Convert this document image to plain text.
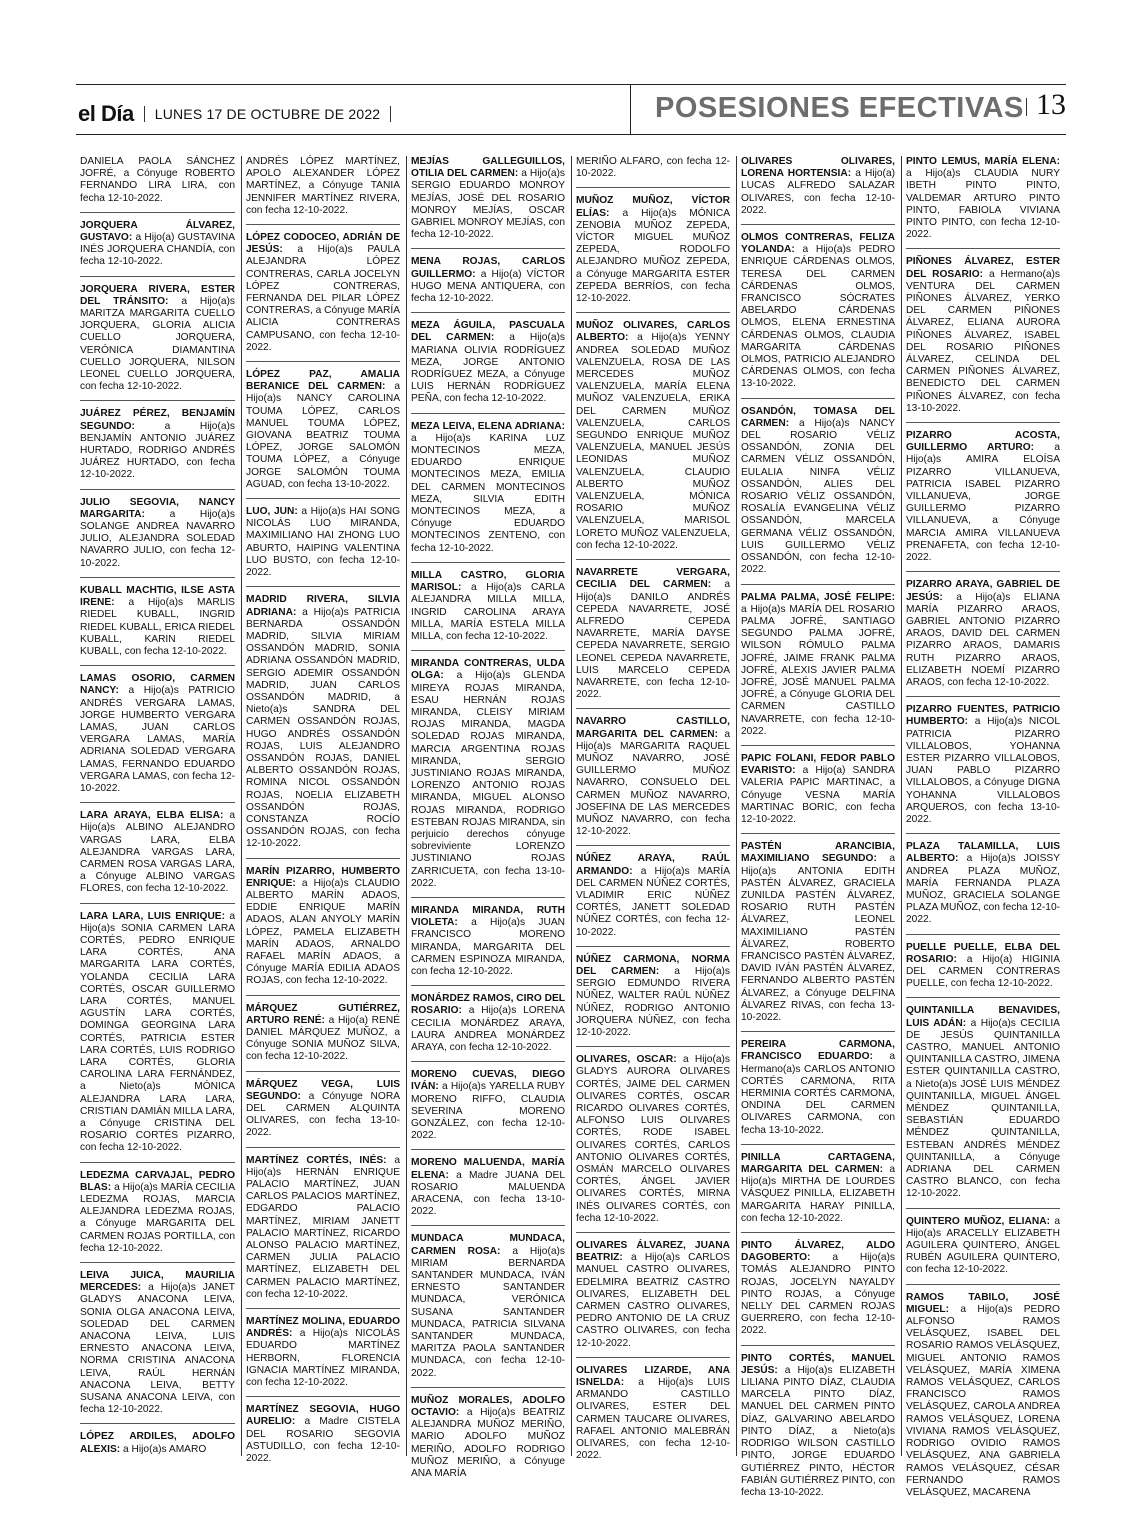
el Día LUNES 17 DE OCTUBRE DE 2022	POSESIONES EFECTIVAS 13
DANIELA PAOLA SÁNCHEZ JOFRÉ, a Cónyuge ROBERTO FERNANDO LIRA LIRA, con fecha 12-10-2022.
JORQUERA ÁLVAREZ, GUSTAVO: a Hijo(a) GUSTAVINA INÉS JORQUERA CHANDÍA, con fecha 12-10-2022.
JORQUERA RIVERA, ESTER DEL TRÁNSITO: a Hijo(a)s MARITZA MARGARITA CUELLO JORQUERA, GLORIA ALICIA CUELLO JORQUERA, VERÓNICA DIAMANTINA CUELLO JORQUERA, NILSON LEONEL CUELLO JORQUERA, con fecha 12-10-2022.
JUÁREZ PÉREZ, BENJAMÍN SEGUNDO:	a Hijo(a)s BENJAMÍN ANTONIO JUÁREZ HURTADO, RODRIGO ANDRÉS JUÁREZ HURTADO, con fecha 12-10-2022.
JULIO SEGOVIA, NANCY MARGARITA: a Hijo(a)s SOLANGE ANDREA NAVARRO JULIO, ALEJANDRA SOLEDAD NAVARRO JULIO, con fecha 12-10-2022.
KUBALL MACHTIG, ILSE ASTA IRENE: a Hijo(a)s MARLIS RIEDEL KUBALL, INGRID RIEDEL KUBALL, ERICA RIEDEL KUBALL, KARIN RIEDEL KUBALL, con fecha 12-10-2022.
LAMAS OSORIO, CARMEN NANCY: a Hijo(a)s PATRICIO ANDRÉS VERGARA LAMAS, JORGE HUMBERTO VERGARA LAMAS, JUAN CARLOS VERGARA LAMAS, MARÍA ADRIANA SOLEDAD VERGARA LAMAS, FERNANDO EDUARDO VERGARA LAMAS, con fecha 12-10-2022.
LARA ARAYA, ELBA ELISA: a Hijo(a)s ALBINO ALEJANDRO VARGAS LARA, ELBA ALEJANDRA VARGAS LARA, CARMEN ROSA VARGAS LARA, a Cónyuge ALBINO VARGAS FLORES, con fecha 12-10-2022.
LARA LARA, LUIS ENRIQUE: a Hijo(a)s SONIA CARMEN LARA CORTÉS, PEDRO ENRIQUE LARA CORTÉS, ANA MARGARITA LARA CORTÉS, YOLANDA CECILIA LARA CORTÉS, OSCAR GUILLERMO LARA CORTÉS, MANUEL AGUSTÍN LARA CORTÉS, DOMINGA GEORGINA LARA CORTÉS, PATRICIA ESTER LARA CORTÉS, LUIS RODRIGO LARA CORTÉS, GLORIA CAROLINA LARA FERNÁNDEZ, a Nieto(a)s MÓNICA ALEJANDRA LARA LARA, CRISTIAN DAMIÁN MILLA LARA, a Cónyuge CRISTINA DEL ROSARIO CORTÉS PIZARRO, con fecha 12-10-2022.
LEDEZMA CARVAJAL, PEDRO BLAS: a Hijo(a)s MARÍA CECILIA LEDEZMA ROJAS, MARCIA ALEJANDRA LEDEZMA ROJAS, a Cónyuge MARGARITA DEL CARMEN ROJAS PORTILLA, con fecha 12-10-2022.
LEIVA JUICA, MAURILIA MERCEDES: a Hijo(a)s JANET GLADYS ANACONA LEIVA, SONIA OLGA ANACONA LEIVA, SOLEDAD DEL CARMEN ANACONA LEIVA, LUIS ERNESTO ANACONA LEIVA, NORMA CRISTINA ANACONA LEIVA, RAÚL HERNÁN ANACONA LEIVA, BETTY SUSANA ANACONA LEIVA, con fecha 12-10-2022.
LÓPEZ ARDILES, ADOLFO ALEXIS: a Hijo(a)s AMARO
ANDRÉS LÓPEZ MARTÍNEZ, APOLO ALEXANDER LÓPEZ MARTÍNEZ, a Cónyuge TANIA JENNIFER MARTÍNEZ RIVERA, con fecha 12-10-2022.
LÓPEZ CODOCEO, ADRIÁN DE JESÚS: a Hijo(a)s PAULA ALEJANDRA LÓPEZ CONTRERAS, CARLA JOCELYN LÓPEZ CONTRERAS, FERNANDA DEL PILAR LÓPEZ CONTRERAS, a Cónyuge MARÍA ALICIA CONTRERAS CAMPUSANO, con fecha 12-10-2022.
LÓPEZ PAZ, AMALIA BERANICE DEL CARMEN: a Hijo(a)s NANCY CAROLINA TOUMA LÓPEZ, CARLOS MANUEL TOUMA LÓPEZ, GIOVANA BEATRIZ TOUMA LÓPEZ, JORGE SALOMÓN TOUMA LÓPEZ, a Cónyuge JORGE SALOMÓN TOUMA AGUAD, con fecha 13-10-2022.
LUO, JUN: a Hijo(a)s HAI SONG NICOLÁS LUO MIRANDA, MAXIMILIANO HAI ZHONG LUO ABURTO, HAIPING VALENTINA LUO BUSTO, con fecha 12-10-2022.
MADRID RIVERA, SILVIA ADRIANA: a Hijo(a)s PATRICIA BERNARDA OSSANDÓN MADRID, SILVIA MIRIAM OSSANDÓN MADRID, SONIA ADRIANA OSSANDÓN MADRID, SERGIO ADEMIR OSSANDÓN MADRID, JUAN CARLOS OSSANDÓN MADRID, a Nieto(a)s SANDRA DEL CARMEN OSSANDÓN ROJAS, HUGO ANDRÉS OSSANDÓN ROJAS, LUIS ALEJANDRO OSSANDÓN ROJAS, DANIEL ALBERTO OSSANDÓN ROJAS, ROMINA NICOL OSSANDÓN ROJAS, NOELIA ELIZABETH OSSANDÓN ROJAS, CONSTANZA ROCÍO OSSANDÓN ROJAS, con fecha 12-10-2022.
MARÍN PIZARRO, HUMBERTO ENRIQUE: a Hijo(a)s CLAUDIO ALBERTO MARÍN ADAOS, EDDIE ENRIQUE MARÍN ADAOS, ALAN ANYOLY MARÍN LÓPEZ, PAMELA ELIZABETH MARÍN ADAOS, ARNALDO RAFAEL MARÍN ADAOS, a Cónyuge MARÍA EDILIA ADAOS ROJAS, con fecha 12-10-2022.
MÁRQUEZ GUTIÉRREZ, ARTURO RENÉ: a Hijo(a) RENÉ DANIEL MÁRQUEZ MUÑOZ, a Cónyuge SONIA MUÑOZ SILVA, con fecha 12-10-2022.
MÁRQUEZ VEGA, LUIS SEGUNDO: a Cónyuge NORA DEL CARMEN ALQUINTA OLIVARES, con fecha 13-10-2022.
MARTÍNEZ CORTÉS, INÉS: a Hijo(a)s HERNÁN ENRIQUE PALACIO MARTÍNEZ, JUAN CARLOS PALACIOS MARTÍNEZ, EDGARDO PALACIO MARTÍNEZ, MIRIAM JANETT PALACIO MARTÍNEZ, RICARDO ALONSO PALACIO MARTÍNEZ, CARMEN JULIA PALACIO MARTÍNEZ, ELIZABETH DEL CARMEN PALACIO MARTÍNEZ, con fecha 12-10-2022.
MARTÍNEZ MOLINA, EDUARDO ANDRÉS: a Hijo(a)s NICOLÁS EDUARDO MARTÍNEZ HERBORN, FLORENCIA IGNACIA MARTÍNEZ MIRANDA, con fecha 12-10-2022.
MARTÍNEZ SEGOVIA, HUGO AURELIO: a Madre CISTELA DEL ROSARIO SEGOVIA ASTUDILLO, con fecha 12-10-2022.
MEJÍAS GALLEGUILLOS, OTILIA DEL CARMEN: a Hijo(a)s SERGIO EDUARDO MONROY MEJÍAS, JOSÉ DEL ROSARIO MONROY MEJÍAS, OSCAR GABRIEL MONROY MEJÍAS, con fecha 12-10-2022.
MENA ROJAS, CARLOS GUILLERMO: a Hijo(a) VÍCTOR HUGO MENA ANTIQUERA, con fecha 12-10-2022.
MEZA ÁGUILA, PASCUALA DEL CARMEN: a Hijo(a)s MARIANA OLIVIA RODRÍGUEZ MEZA, JORGE ANTONIO RODRÍGUEZ MEZA, a Cónyuge LUIS HERNÁN RODRÍGUEZ PEÑA, con fecha 12-10-2022.
MEZA LEIVA, ELENA ADRIANA: a Hijo(a)s KARINA LUZ MONTECINOS MEZA, EDUARDO ENRIQUE MONTECINOS MEZA, EMILIA DEL CARMEN MONTECINOS MEZA, SILVIA EDITH MONTECINOS MEZA, a Cónyuge EDUARDO MONTECINOS ZENTENO, con fecha 12-10-2022.
MILLA CASTRO, GLORIA MARISOL: a Hijo(a)s CARLA ALEJANDRA MILLA MILLA, INGRID CAROLINA ARAYA MILLA, MARÍA ESTELA MILLA MILLA, con fecha 12-10-2022.
MIRANDA CONTRERAS, ULDA OLGA: a Hijo(a)s GLENDA MIREYA ROJAS MIRANDA, ESAU HERNÁN ROJAS MIRANDA, CLEISY MIRIAM ROJAS MIRANDA, MAGDA SOLEDAD ROJAS MIRANDA, MARCIA ARGENTINA ROJAS MIRANDA, SERGIO JUSTINIANO ROJAS MIRANDA, LORENZO ANTONIO ROJAS MIRANDA, MIGUEL ALONSO ROJAS MIRANDA, RODRIGO ESTEBAN ROJAS MIRANDA, sin perjuicio derechos cónyuge sobreviviente LORENZO JUSTINIANO ROJAS ZARRICUETA, con fecha 13-10-2022.
MIRANDA MIRANDA, RUTH VIOLETA: a Hijo(a)s JUAN FRANCISCO MORENO MIRANDA, MARGARITA DEL CARMEN ESPINOZA MIRANDA, con fecha 12-10-2022.
MONÁRDEZ RAMOS, CIRO DEL ROSARIO: a Hijo(a)s LORENA CECILIA MONÁRDEZ ARAYA, LAURA ANDREA MONÁRDEZ ARAYA, con fecha 12-10-2022.
MORENO CUEVAS, DIEGO IVÁN: a Hijo(a)s YARELLA RUBY MORENO RIFFO, CLAUDIA SEVERINA MORENO GONZÁLEZ, con fecha 12-10-2022.
MORENO MALUENDA, MARÍA ELENA: a Madre JUANA DEL ROSARIO MALUENDA ARACENA, con fecha 13-10-2022.
MUNDACA MUNDACA, CARMEN ROSA: a Hijo(a)s MIRIAM BERNARDA SANTANDER MUNDACA, IVÁN ERNESTO SANTANDER MUNDACA, VERÓNICA SUSANA SANTANDER MUNDACA, PATRICIA SILVANA SANTANDER MUNDACA, MARITZA PAOLA SANTANDER MUNDACA, con fecha 12-10-2022.
MUÑOZ MORALES, ADOLFO OCTAVIO: a Hijo(a)s BEATRIZ ALEJANDRA MUÑOZ MERIÑO, MARIO ADOLFO MUÑOZ MERIÑO, ADOLFO RODRIGO MUÑOZ MERIÑO, a Cónyuge ANA MARÍA
MERIÑO ALFARO, con fecha 12-10-2022.
MUÑOZ MUÑOZ, VÍCTOR ELÍAS: a Hijo(a)s MÓNICA ZENOBIA MUÑOZ ZEPEDA, VÍCTOR MIGUEL MUÑOZ ZEPEDA, RODOLFO ALEJANDRO MUÑOZ ZEPEDA, a Cónyuge MARGARITA ESTER ZEPEDA BERRÍOS, con fecha 12-10-2022.
MUÑOZ OLIVARES, CARLOS ALBERTO: a Hijo(a)s YENNY ANDREA SOLEDAD MUÑOZ VALENZUELA, ROSA DE LAS MERCEDES MUÑOZ VALENZUELA, MARÍA ELENA MUÑOZ VALENZUELA, ERIKA DEL CARMEN MUÑOZ VALENZUELA, CARLOS SEGUNDO ENRIQUE MUÑOZ VALENZUELA, MANUEL JESÚS LEONIDAS MUÑOZ VALENZUELA, CLAUDIO ALBERTO MUÑOZ VALENZUELA, MÓNICA ROSARIO MUÑOZ VALENZUELA, MARISOL LORETO MUÑOZ VALENZUELA, con fecha 12-10-2022.
NAVARRETE VERGARA, CECILIA DEL CARMEN: a Hijo(a)s DANILO ANDRÉS CEPEDA NAVARRETE, JOSÉ ALFREDO CEPEDA NAVARRETE, MARÍA DAYSE CEPEDA NAVARRETE, SERGIO LEONEL CEPEDA NAVARRETE, LUIS MARCELO CEPEDA NAVARRETE, con fecha 12-10-2022.
NAVARRO CASTILLO, MARGARITA DEL CARMEN: a Hijo(a)s MARGARITA RAQUEL MUÑOZ NAVARRO, JOSÉ GUILLERMO MUÑOZ NAVARRO, CONSUELO DEL CARMEN MUÑOZ NAVARRO, JOSEFINA DE LAS MERCEDES MUÑOZ NAVARRO, con fecha 12-10-2022.
NÚÑEZ ARAYA, RAÚL ARMANDO: a Hijo(a)s MARÍA DEL CARMEN NÚÑEZ CORTÉS, VLADIMIR ERIC NÚÑEZ CORTÉS, JANETT SOLEDAD NÚÑEZ CORTÉS, con fecha 12-10-2022.
NÚÑEZ CARMONA, NORMA DEL CARMEN: a Hijo(a)s SERGIO EDMUNDO RIVERA NÚÑEZ, WALTER RAÚL NÚÑEZ NÚÑEZ, RODRIGO ANTONIO JORQUERA NÚÑEZ, con fecha 12-10-2022.
OLIVARES, OSCAR: a Hijo(a)s GLADYS AURORA OLIVARES CORTÉS, JAIME DEL CARMEN OLIVARES CORTÉS, OSCAR RICARDO OLIVARES CORTÉS, ALFONSO LUIS OLIVARES CORTÉS, RODE ISABEL OLIVARES CORTÉS, CARLOS ANTONIO OLIVARES CORTÉS, OSMÁN MARCELO OLIVARES CORTÉS, ÁNGEL JAVIER OLIVARES CORTÉS, MIRNA INÉS OLIVARES CORTÉS, con fecha 12-10-2022.
OLIVARES ÁLVAREZ, JUANA BEATRIZ: a Hijo(a)s CARLOS MANUEL CASTRO OLIVARES, EDELMIRA BEATRIZ CASTRO OLIVARES, ELIZABETH DEL CARMEN CASTRO OLIVARES, PEDRO ANTONIO DE LA CRUZ CASTRO OLIVARES, con fecha 12-10-2022.
OLIVARES LIZARDE, ANA ISNELDA: a Hijo(a)s LUIS ARMANDO CASTILLO OLIVARES, ESTER DEL CARMEN TAUCARE OLIVARES, RAFAEL ANTONIO MALEBRÁN OLIVARES, con fecha 12-10-2022.
OLIVARES OLIVARES, LORENA HORTENSIA: a Hijo(a) LUCAS ALFREDO SALAZAR OLIVARES, con fecha 12-10-2022.
OLMOS CONTRERAS, FELIZA YOLANDA: a Hijo(a)s PEDRO ENRIQUE CÁRDENAS OLMOS, TERESA DEL CARMEN CÁRDENAS OLMOS, FRANCISCO SÓCRATES ABELARDO CÁRDENAS OLMOS, ELENA ERNESTINA CÁRDENAS OLMOS, CLAUDIA MARGARITA CÁRDENAS OLMOS, PATRICIO ALEJANDRO CÁRDENAS OLMOS, con fecha 13-10-2022.
OSANDÓN, TOMASA DEL CARMEN: a Hijo(a)s NANCY DEL ROSARIO VÉLIZ OSSANDÓN, ZONIA DEL CARMEN VÉLIZ OSSANDÓN, EULALIA NINFA VÉLIZ OSSANDÓN, ALIES DEL ROSARIO VÉLIZ OSSANDÓN, ROSALÍA EVANGELINA VÉLIZ OSSANDÓN, MARCELA GERMANA VÉLIZ OSSANDÓN, LUIS GUILLERMO VÉLIZ OSSANDÓN, con fecha 12-10-2022.
PALMA PALMA, JOSÉ FELIPE: a Hijo(a)s MARÍA DEL ROSARIO PALMA JOFRÉ, SANTIAGO SEGUNDO PALMA JOFRÉ, WILSON RÓMULO PALMA JOFRÉ, JAIME FRANK PALMA JOFRÉ, ALEXIS JAVIER PALMA JOFRÉ, JOSÉ MANUEL PALMA JOFRÉ, a Cónyuge GLORIA DEL CARMEN CASTILLO NAVARRETE, con fecha 12-10-2022.
PAPIC FOLANI, FEDOR PABLO EVARISTO: a Hijo(a) SANDRA VALERIA PAPIC MARTINAC, a Cónyuge VESNA MARÍA MARTINAC BORIC, con fecha 12-10-2022.
PASTÉN ARANCIBIA, MAXIMILIANO SEGUNDO: a Hijo(a)s ANTONIA EDITH PASTÉN ÁLVAREZ, GRACIELA ZUNILDA PASTÉN ÁLVAREZ, ROSARIO RUTH PASTÉN ÁLVAREZ, LEONEL MAXIMILIANO PASTÉN ÁLVAREZ, ROBERTO FRANCISCO PASTÉN ÁLVAREZ, DAVID IVÁN PASTÉN ÁLVAREZ, FERNANDO ALBERTO PASTÉN ÁLVAREZ, a Cónyuge DELFINA ÁLVAREZ RIVAS, con fecha 13-10-2022.
PEREIRA CARMONA, FRANCISCO EDUARDO: a Hermano(a)s CARLOS ANTONIO CORTÉS CARMONA, RITA HERMINIA CORTÉS CARMONA, ONDINA DEL CARMEN OLIVARES CARMONA, con fecha 13-10-2022.
PINILLA CARTAGENA, MARGARITA DEL CARMEN: a Hijo(a)s MIRTHA DE LOURDES VÁSQUEZ PINILLA, ELIZABETH MARGARITA HARAY PINILLA, con fecha 12-10-2022.
PINTO ÁLVAREZ, ALDO DAGOBERTO: a Hijo(a)s TOMÁS ALEJANDRO PINTO ROJAS, JOCELYN NAYALDY PINTO ROJAS, a Cónyuge NELLY DEL CARMEN ROJAS GUERRERO, con fecha 12-10-2022.
PINTO CORTÉS, MANUEL JESÚS: a Hijo(a)s ELIZABETH LILIANA PINTO DÍAZ, CLAUDIA MARCELA PINTO DÍAZ, MANUEL DEL CARMEN PINTO DÍAZ, GALVARINO ABELARDO PINTO DÍAZ, a Nieto(a)s RODRIGO WILSON CASTILLO PINTO, JORGE EDUARDO GUTIÉRREZ PINTO, HÉCTOR FABIÁN GUTIÉRREZ PINTO, con fecha 13-10-2022.
PINTO LEMUS, MARÍA ELENA: a Hijo(a)s CLAUDIA NURY IBETH PINTO PINTO, VALDEMAR ARTURO PINTO PINTO, FABIOLA VIVIANA PINTO PINTO, con fecha 12-10-2022.
PIÑONES ÁLVAREZ, ESTER DEL ROSARIO: a Hermano(a)s VENTURA DEL CARMEN PIÑONES ÁLVAREZ, YERKO DEL CARMEN PIÑONES ÁLVAREZ, ELIANA AURORA PIÑONES ÁLVAREZ, ISABEL DEL ROSARIO PIÑONES ÁLVAREZ, CELINDA DEL CARMEN PIÑONES ÁLVAREZ, BENEDICTO DEL CARMEN PIÑONES ÁLVAREZ, con fecha 13-10-2022.
PIZARRO ACOSTA, GUILLERMO ARTURO: a Hijo(a)s AMIRA ELOÍSA PIZARRO VILLANUEVA, PATRICIA ISABEL PIZARRO VILLANUEVA, JORGE GUILLERMO PIZARRO VILLANUEVA, a Cónyuge MARCIA AMIRA VILLANUEVA PRENAFETA, con fecha 12-10-2022.
PIZARRO ARAYA, GABRIEL DE JESÚS: a Hijo(a)s ELIANA MARÍA PIZARRO ARAOS, GABRIEL ANTONIO PIZARRO ARAOS, DAVID DEL CARMEN PIZARRO ARAOS, DAMARIS RUTH PIZARRO ARAOS, ELIZABETH NOEMÍ PIZARRO ARAOS, con fecha 12-10-2022.
PIZARRO FUENTES, PATRICIO HUMBERTO: a Hijo(a)s NICOL PATRICIA PIZARRO VILLALOBOS, YOHANNA ESTER PIZARRO VILLALOBOS, JUAN PABLO PIZARRO VILLALOBOS, a Cónyuge DIGNA YOHANNA VILLALOBOS ARQUEROS, con fecha 13-10-2022.
PLAZA TALAMILLA, LUIS ALBERTO: a Hijo(a)s JOISSY ANDREA PLAZA MUÑOZ, MARÍA FERNANDA PLAZA MUÑOZ, GRACIELA SOLANGE PLAZA MUÑOZ, con fecha 12-10-2022.
PUELLE PUELLE, ELBA DEL ROSARIO: a Hijo(a) HIGINIA DEL CARMEN CONTRERAS PUELLE, con fecha 12-10-2022.
QUINTANILLA BENAVIDES, LUIS ADÁN: a Hijo(a)s CECILIA DE JESÚS QUINTANILLA CASTRO, MANUEL ANTONIO QUINTANILLA CASTRO, JIMENA ESTER QUINTANILLA CASTRO, a Nieto(a)s JOSÉ LUIS MÉNDEZ QUINTANILLA, MIGUEL ÁNGEL MÉNDEZ QUINTANILLA, SEBASTIÁN EDUARDO MÉNDEZ QUINTANILLA, ESTEBAN ANDRÉS MÉNDEZ QUINTANILLA, a Cónyuge ADRIANA DEL CARMEN CASTRO BLANCO, con fecha 12-10-2022.
QUINTERO MUÑOZ, ELIANA: a Hijo(a)s ARACELLY ELIZABETH AGUILERA QUINTERO, ÁNGEL RUBÉN AGUILERA QUINTERO, con fecha 12-10-2022.
RAMOS TABILO, JOSÉ MIGUEL: a Hijo(a)s PEDRO ALFONSO RAMOS VELÁSQUEZ, ISABEL DEL ROSARIO RAMOS VELÁSQUEZ, MIGUEL ANTONIO RAMOS VELÁSQUEZ, MARÍA XIMENA RAMOS VELÁSQUEZ, CARLOS FRANCISCO RAMOS VELÁSQUEZ, CAROLA ANDREA RAMOS VELÁSQUEZ, LORENA VIVIANA RAMOS VELÁSQUEZ, RODRIGO OVIDIO RAMOS VELÁSQUEZ, ANA GABRIELA RAMOS VELÁSQUEZ, CÉSAR FERNANDO RAMOS VELÁSQUEZ, MACARENA
